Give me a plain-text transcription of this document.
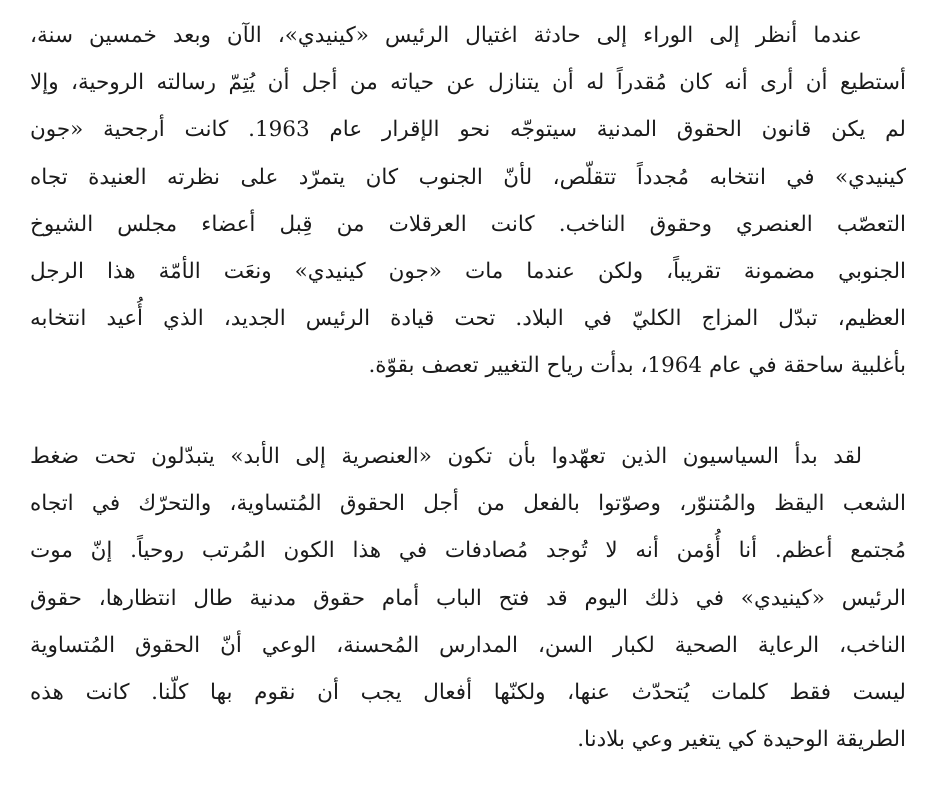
عندما أنظر إلى الوراء إلى حادثة اغتيال الرئيس «كينيدي»، الآن وبعد خمسين سنة،
أستطيع أن أرى أنه كان مُقدراً له أن يتنازل عن حياته من أجل أن يُتِمّ رسالته الروحية، وإلا
لم يكن قانون الحقوق المدنية سيتوجّه نحو الإقرار عام 1963. كانت أرجحية «جون
كينيدي» في انتخابه مُجدداً تتقلّص، لأنّ الجنوب كان يتمرّد على نظرته العنيدة تجاه
التعصّب العنصري وحقوق الناخب. كانت العرقلات من قِبل أعضاء مجلس الشيوخ
الجنوبي مضمونة تقريباً، ولكن عندما مات «جون كينيدي» ونعَت الأمّة هذا الرجل
العظيم، تبدّل المزاج الكليّ في البلاد. تحت قيادة الرئيس الجديد، الذي أُعيد انتخابه
بأغلبية ساحقة في عام 1964، بدأت رياح التغيير تعصف بقوّة.
لقد بدأ السياسيون الذين تعهّدوا بأن تكون «العنصرية إلى الأبد» يتبدّلون تحت ضغط
الشعب اليقظ والمُتنوّر، وصوّتوا بالفعل من أجل الحقوق المُتساوية، والتحرّك في اتجاه
مُجتمع أعظم. أنا أُؤمن أنه لا تُوجد مُصادفات في هذا الكون المُرتب روحياً. إنّ موت
الرئيس «كينيدي» في ذلك اليوم قد فتح الباب أمام حقوق مدنية طال انتظارها، حقوق
الناخب، الرعاية الصحية لكبار السن، المدارس المُحسنة، الوعي أنّ الحقوق المُتساوية
ليست فقط كلمات يُتحدّث عنها، ولكنّها أفعال يجب أن نقوم بها كلّنا. كانت هذه
الطريقة الوحيدة كي يتغير وعي بلادنا.
